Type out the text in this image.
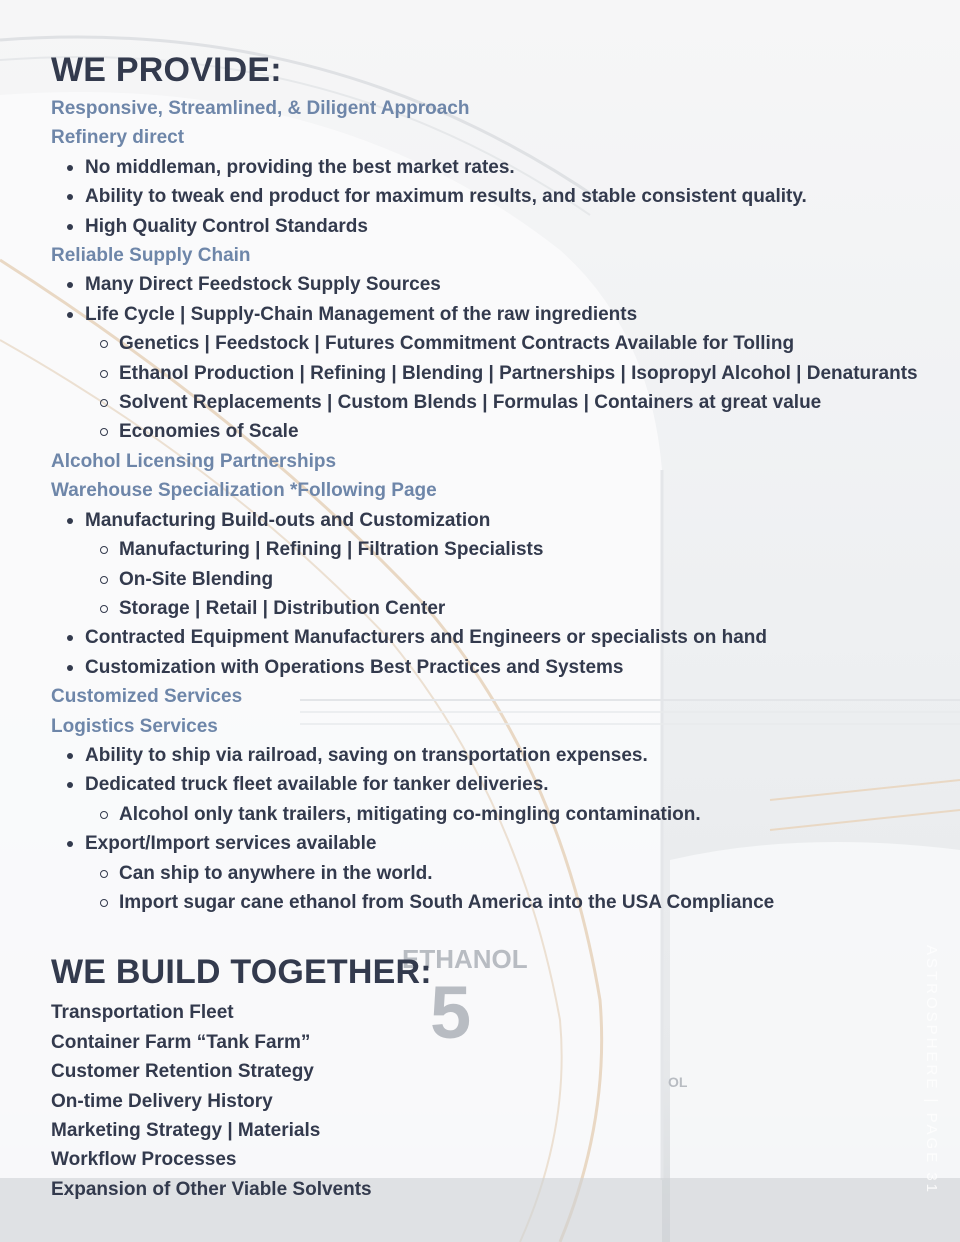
ETHANOL
5
OL
WE PROVIDE:

Responsive, Streamlined, & Diligent Approach

Refinery direct

No middleman, providing the best market rates.
Ability to tweak end product for maximum results, and stable consistent quality.
High Quality Control Standards

Reliable Supply Chain

Many Direct Feedstock Supply Sources
Life Cycle | Supply-Chain Management of the raw ingredients
Genetics | Feedstock | Futures Commitment Contracts Available for Tolling
Ethanol Production | Refining | Blending | Partnerships | Isopropyl Alcohol | Denaturants
Solvent Replacements | Custom Blends | Formulas | Containers at great value
Economies of Scale

Alcohol Licensing Partnerships

Warehouse Specialization *Following Page

Manufacturing Build-outs and Customization
Manufacturing | Refining | Filtration Specialists
On-Site Blending
Storage | Retail | Distribution Center
Contracted Equipment Manufacturers and Engineers or specialists on hand
Customization with Operations Best Practices and Systems

Customized Services

Logistics Services

Ability to ship via railroad, saving on transportation expenses.
Dedicated truck fleet available for tanker deliveries.
Alcohol only tank trailers, mitigating co-mingling contamination.
Export/Import services available
Can ship to anywhere in the world.
Import sugar cane ethanol from South America into the USA Compliance
WE BUILD TOGETHER:
Transportation Fleet
Container Farm “Tank Farm”
Customer Retention Strategy
On-time Delivery History
Marketing Strategy | Materials
Workflow Processes
Expansion of Other Viable Solvents	ASTROSPHERE | PAGE 31
